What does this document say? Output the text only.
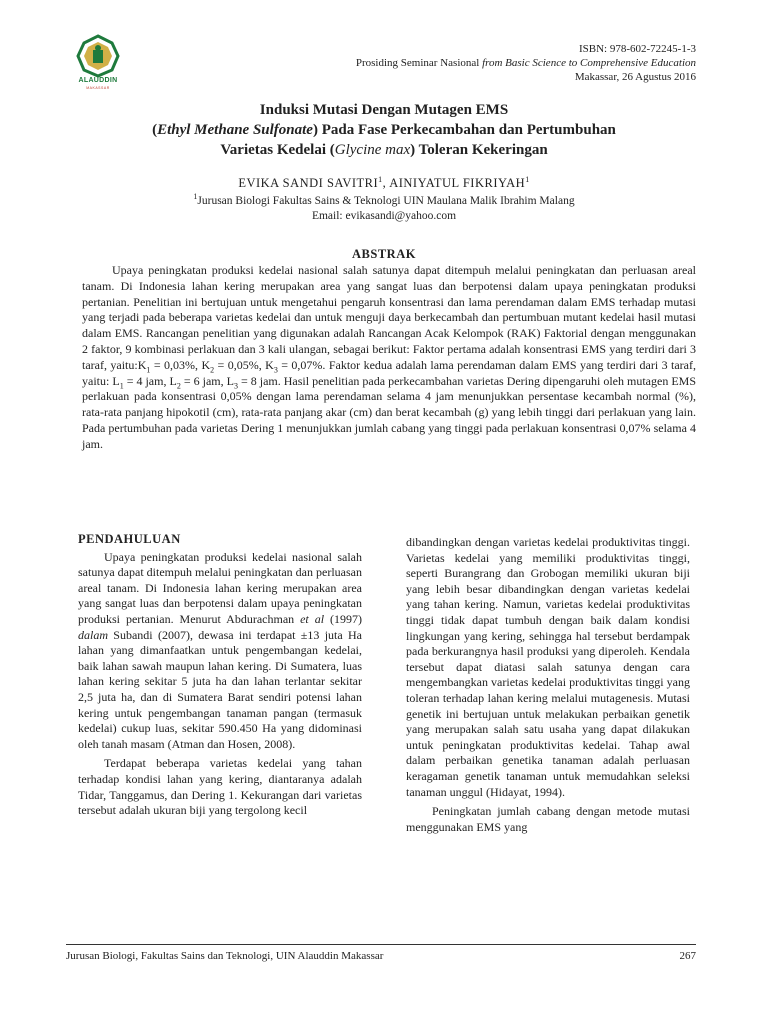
ALAUDDIN
MAKASSAR
ISBN: 978-602-72245-1-3
Prosiding Seminar Nasional from Basic Science to Comprehensive Education
Makassar, 26 Agustus 2016
Induksi Mutasi Dengan Mutagen EMS
(Ethyl Methane Sulfonate) Pada Fase Perkecambahan dan Pertumbuhan
Varietas Kedelai (Glycine max) Toleran Kekeringan
EVIKA SANDI SAVITRI$^1$, AINIYATUL FIKRIYAH$^1$
$^1$Jurusan Biologi Fakultas Sains & Teknologi UIN Maulana Malik Ibrahim Malang
Email: evikasandi@yahoo.com
ABSTRAK

Upaya peningkatan produksi kedelai nasional salah satunya dapat ditempuh melalui peningkatan dan perluasan areal tanam. Di Indonesia lahan kering merupakan area yang sangat luas dan berpotensi dalam upaya peningkatan produksi pertanian. Penelitian ini bertujuan untuk mengetahui pengaruh konsentrasi dan lama perendaman dalam EMS terhadap mutasi yang terjadi pada beberapa varietas kedelai dan untuk menguji daya berkecambah dan pertumbuan mutant kedelai hasil mutasi dalam EMS. Rancangan penelitian yang digunakan adalah Rancangan Acak Kelompok (RAK) Faktorial dengan menggunakan 2 faktor, 9 kombinasi perlakuan dan 3 kali ulangan, sebagai berikut: Faktor pertama adalah konsentrasi EMS yang terdiri dari 3 taraf, $yaitu:K_1 = 0,03\%$, $K_2 = 0,05\%$, $K_3 = 0,07\%$. Faktor kedua adalah lama perendaman dalam EMS yang terdiri dari 3 taraf, yaitu: $L_1 = 4$ jam, $L_2 = 6$ jam, $L_3 = 8$ jam. Hasil penelitian pada perkecambahan varietas Dering dipengaruhi oleh mutagen EMS perlakuan pada konsentrasi 0,05% dengan lama perendaman selama 4 jam menunjukkan persentase kecambah normal (%), rata-rata panjang hipokotil (cm), rata-rata panjang akar (cm) dan berat kecambah (g) yang lebih tinggi dari perlakuan yang lain. Pada pertumbuhan pada varietas Dering 1 menunjukkan jumlah cabang yang tinggi pada perlakuan konsentrasi 0,07% selama 4 jam.

PENDAHULUAN

Upaya peningkatan produksi kedelai nasional salah satunya dapat ditempuh melalui peningkatan dan perluasan areal tanam. Di Indonesia lahan kering merupakan area yang sangat luas dan berpotensi dalam upaya peningkatan produksi pertanian. Menurut Abdurachman et al (1997) dalam Subandi (2007), dewasa ini terdapat ±13 juta Ha lahan yang dimanfaatkan untuk pengembangan kedelai, baik lahan sawah maupun lahan kering. Di Sumatera, luas lahan kering sekitar 5 juta ha dan lahan terlantar sekitar 2,5 juta ha, dan di Sumatera Barat sendiri potensi lahan kering untuk pengembangan tanaman pangan (termasuk kedelai) cukup luas, sekitar 590.450 Ha yang didominasi oleh tanah masam (Atman dan Hosen, 2008).

Terdapat beberapa varietas kedelai yang tahan terhadap kondisi lahan yang kering, diantaranya adalah Tidar, Tanggamus, dan Dering 1. Kekurangan dari varietas tersebut adalah ukuran biji yang tergolong kecil

dibandingkan dengan varietas kedelai produktivitas tinggi. Varietas kedelai yang memiliki produktivitas tinggi, seperti Burangrang dan Grobogan memiliki ukuran biji yang lebih besar dibandingkan dengan varietas kedelai yang tahan kering. Namun, varietas kedelai produktivitas tinggi tidak dapat tumbuh dengan baik dalam kondisi lingkungan yang kering, sehingga hal tersebut berdampak pada berkurangnya hasil produksi yang diperoleh. Kendala tersebut dapat diatasi salah satunya dengan cara mengembangkan varietas kedelai produktivitas tinggi yang toleran terhadap lahan kering melalui mutagenesis. Mutasi genetik ini bertujuan untuk melakukan perbaikan genetik yang merupakan salah satu usaha yang dapat dilakukan untuk peningkatan produktivitas kedelai. Tahap awal dalam perbaikan genetika tanaman adalah perluasan keragaman genetik tanaman untuk memudahkan seleksi tanaman unggul (Hidayat, 1994).

Peningkatan jumlah cabang dengan metode mutasi menggunakan EMS yang

Jurusan Biologi, Fakultas Sains dan Teknologi, UIN Alauddin Makassar	267
